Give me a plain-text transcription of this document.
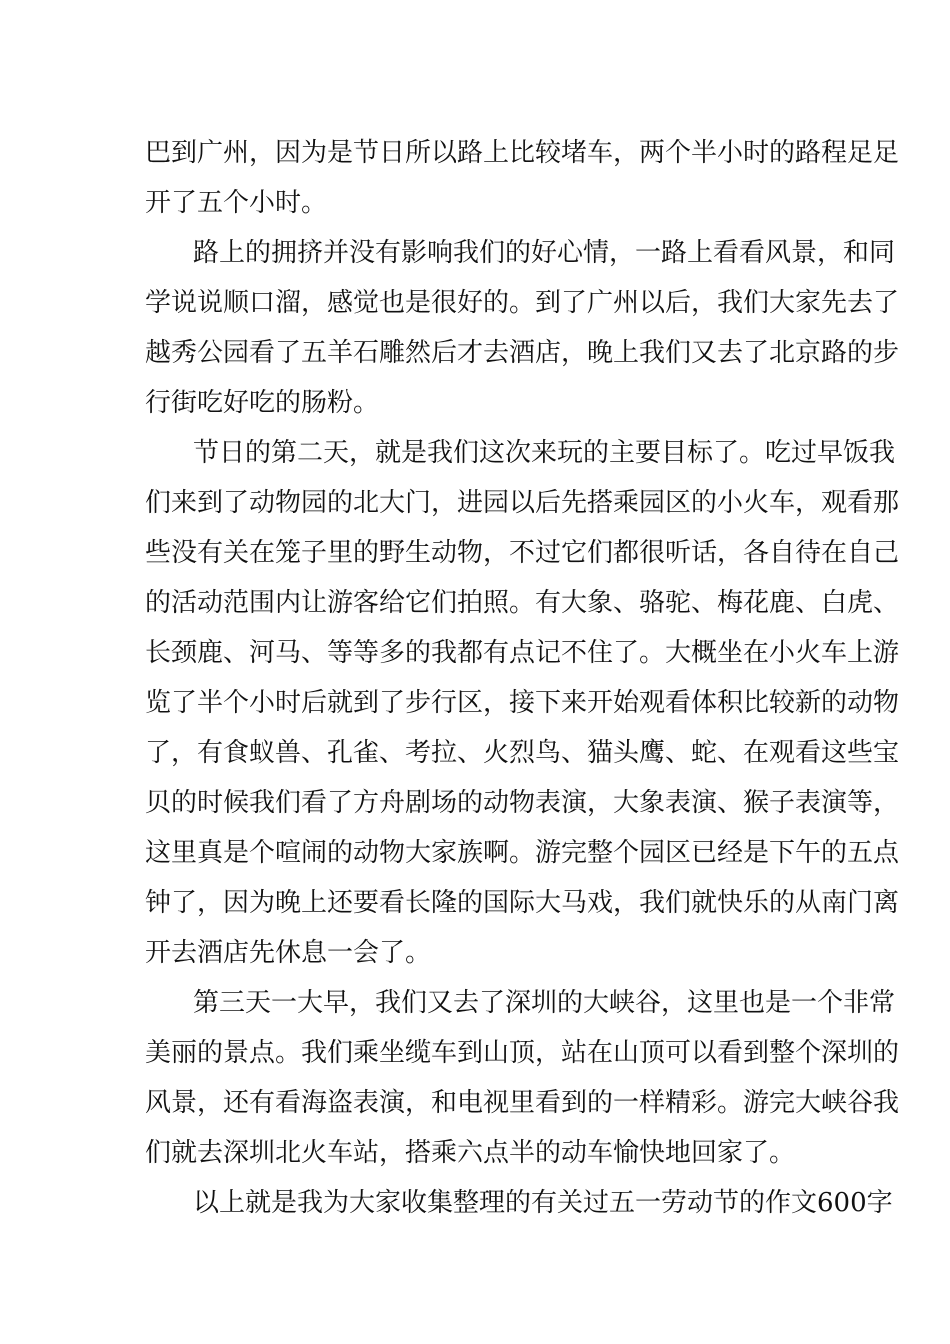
巴到广州，因为是节日所以路上比较堵车，两个半小时的路程足足
开了五个小时。
路上的拥挤并没有影响我们的好心情，一路上看看风景，和同
学说说顺口溜，感觉也是很好的。到了广州以后，我们大家先去了
越秀公园看了五羊石雕然后才去酒店，晚上我们又去了北京路的步
行街吃好吃的肠粉。
节日的第二天，就是我们这次来玩的主要目标了。吃过早饭我
们来到了动物园的北大门，进园以后先搭乘园区的小火车，观看那
些没有关在笼子里的野生动物，不过它们都很听话，各自待在自己
的活动范围内让游客给它们拍照。有大象、骆驼、梅花鹿、白虎、
长颈鹿、河马、等等多的我都有点记不住了。大概坐在小火车上游
览了半个小时后就到了步行区，接下来开始观看体积比较新的动物
了，有食蚁兽、孔雀、考拉、火烈鸟、猫头鹰、蛇、在观看这些宝
贝的时候我们看了方舟剧场的动物表演，大象表演、猴子表演等，
这里真是个喧闹的动物大家族啊。游完整个园区已经是下午的五点
钟了，因为晚上还要看长隆的国际大马戏，我们就快乐的从南门离
开去酒店先休息一会了。
第三天一大早，我们又去了深圳的大峡谷，这里也是一个非常
美丽的景点。我们乘坐缆车到山顶，站在山顶可以看到整个深圳的
风景，还有看海盗表演，和电视里看到的一样精彩。游完大峡谷我
们就去深圳北火车站，搭乘六点半的动车愉快地回家了。
以上就是我为大家收集整理的有关过五一劳动节的作文600字
